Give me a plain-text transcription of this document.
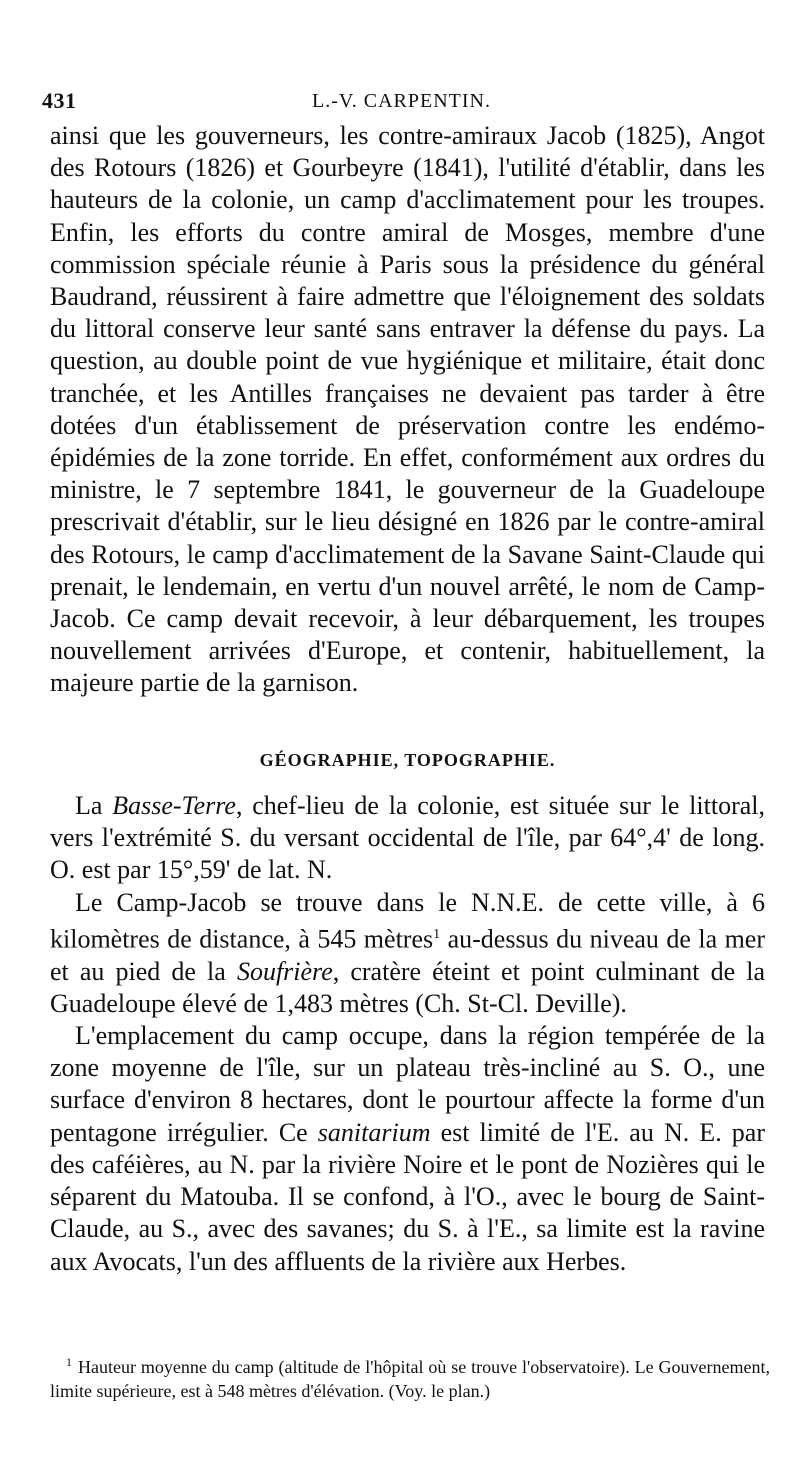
431	L.-V. CARPENTIN.

ainsi que les gouverneurs, les contre-amiraux Jacob (1825), Angot des Rotours (1826) et Gourbeyre (1841), l'utilité d'établir, dans les hauteurs de la colonie, un camp d'acclimatement pour les troupes. Enfin, les efforts du contre amiral de Mosges, membre d'une commission spéciale réunie à Paris sous la présidence du général Baudrand, réussirent à faire admettre que l'éloignement des soldats du littoral conserve leur santé sans entraver la défense du pays. La question, au double point de vue hygiénique et militaire, était donc tranchée, et les Antilles françaises ne devaient pas tarder à être dotées d'un établissement de préservation contre les endémo-épidémies de la zone torride. En effet, conformément aux ordres du ministre, le 7 septembre 1841, le gouverneur de la Guadeloupe prescrivait d'établir, sur le lieu désigné en 1826 par le contre-amiral des Rotours, le camp d'acclimatement de la Savane Saint-Claude qui prenait, le lendemain, en vertu d'un nouvel arrêté, le nom de Camp-Jacob. Ce camp devait recevoir, à leur débarquement, les troupes nouvellement arrivées d'Europe, et contenir, habituellement, la majeure partie de la garnison.

GÉOGRAPHIE, TOPOGRAPHIE.

La Basse-Terre, chef-lieu de la colonie, est située sur le littoral, vers l'extrémité S. du versant occidental de l'île, par 64°,4' de long. O. est par 15°,59' de lat. N.

Le Camp-Jacob se trouve dans le N.N.E. de cette ville, à 6 kilomètres de distance, à 545 mètres$^1$ au-dessus du niveau de la mer et au pied de la Soufrière, cratère éteint et point culminant de la Guadeloupe élevé de 1,483 mètres (Ch. St-Cl. Deville).

L'emplacement du camp occupe, dans la région tempérée de la zone moyenne de l'île, sur un plateau très-incliné au S. O., une surface d'environ 8 hectares, dont le pourtour affecte la forme d'un pentagone irrégulier. Ce sanitarium est limité de l'E. au N. E. par des caféières, au N. par la rivière Noire et le pont de Nozières qui le séparent du Matouba. Il se confond, à l'O., avec le bourg de Saint-Claude, au S., avec des savanes; du S. à l'E., sa limite est la ravine aux Avocats, l'un des affluents de la rivière aux Herbes.

$^1$ Hauteur moyenne du camp (altitude de l'hôpital où se trouve l'observatoire). Le Gouvernement, limite supérieure, est à 548 mètres d'élévation. (Voy. le plan.)
